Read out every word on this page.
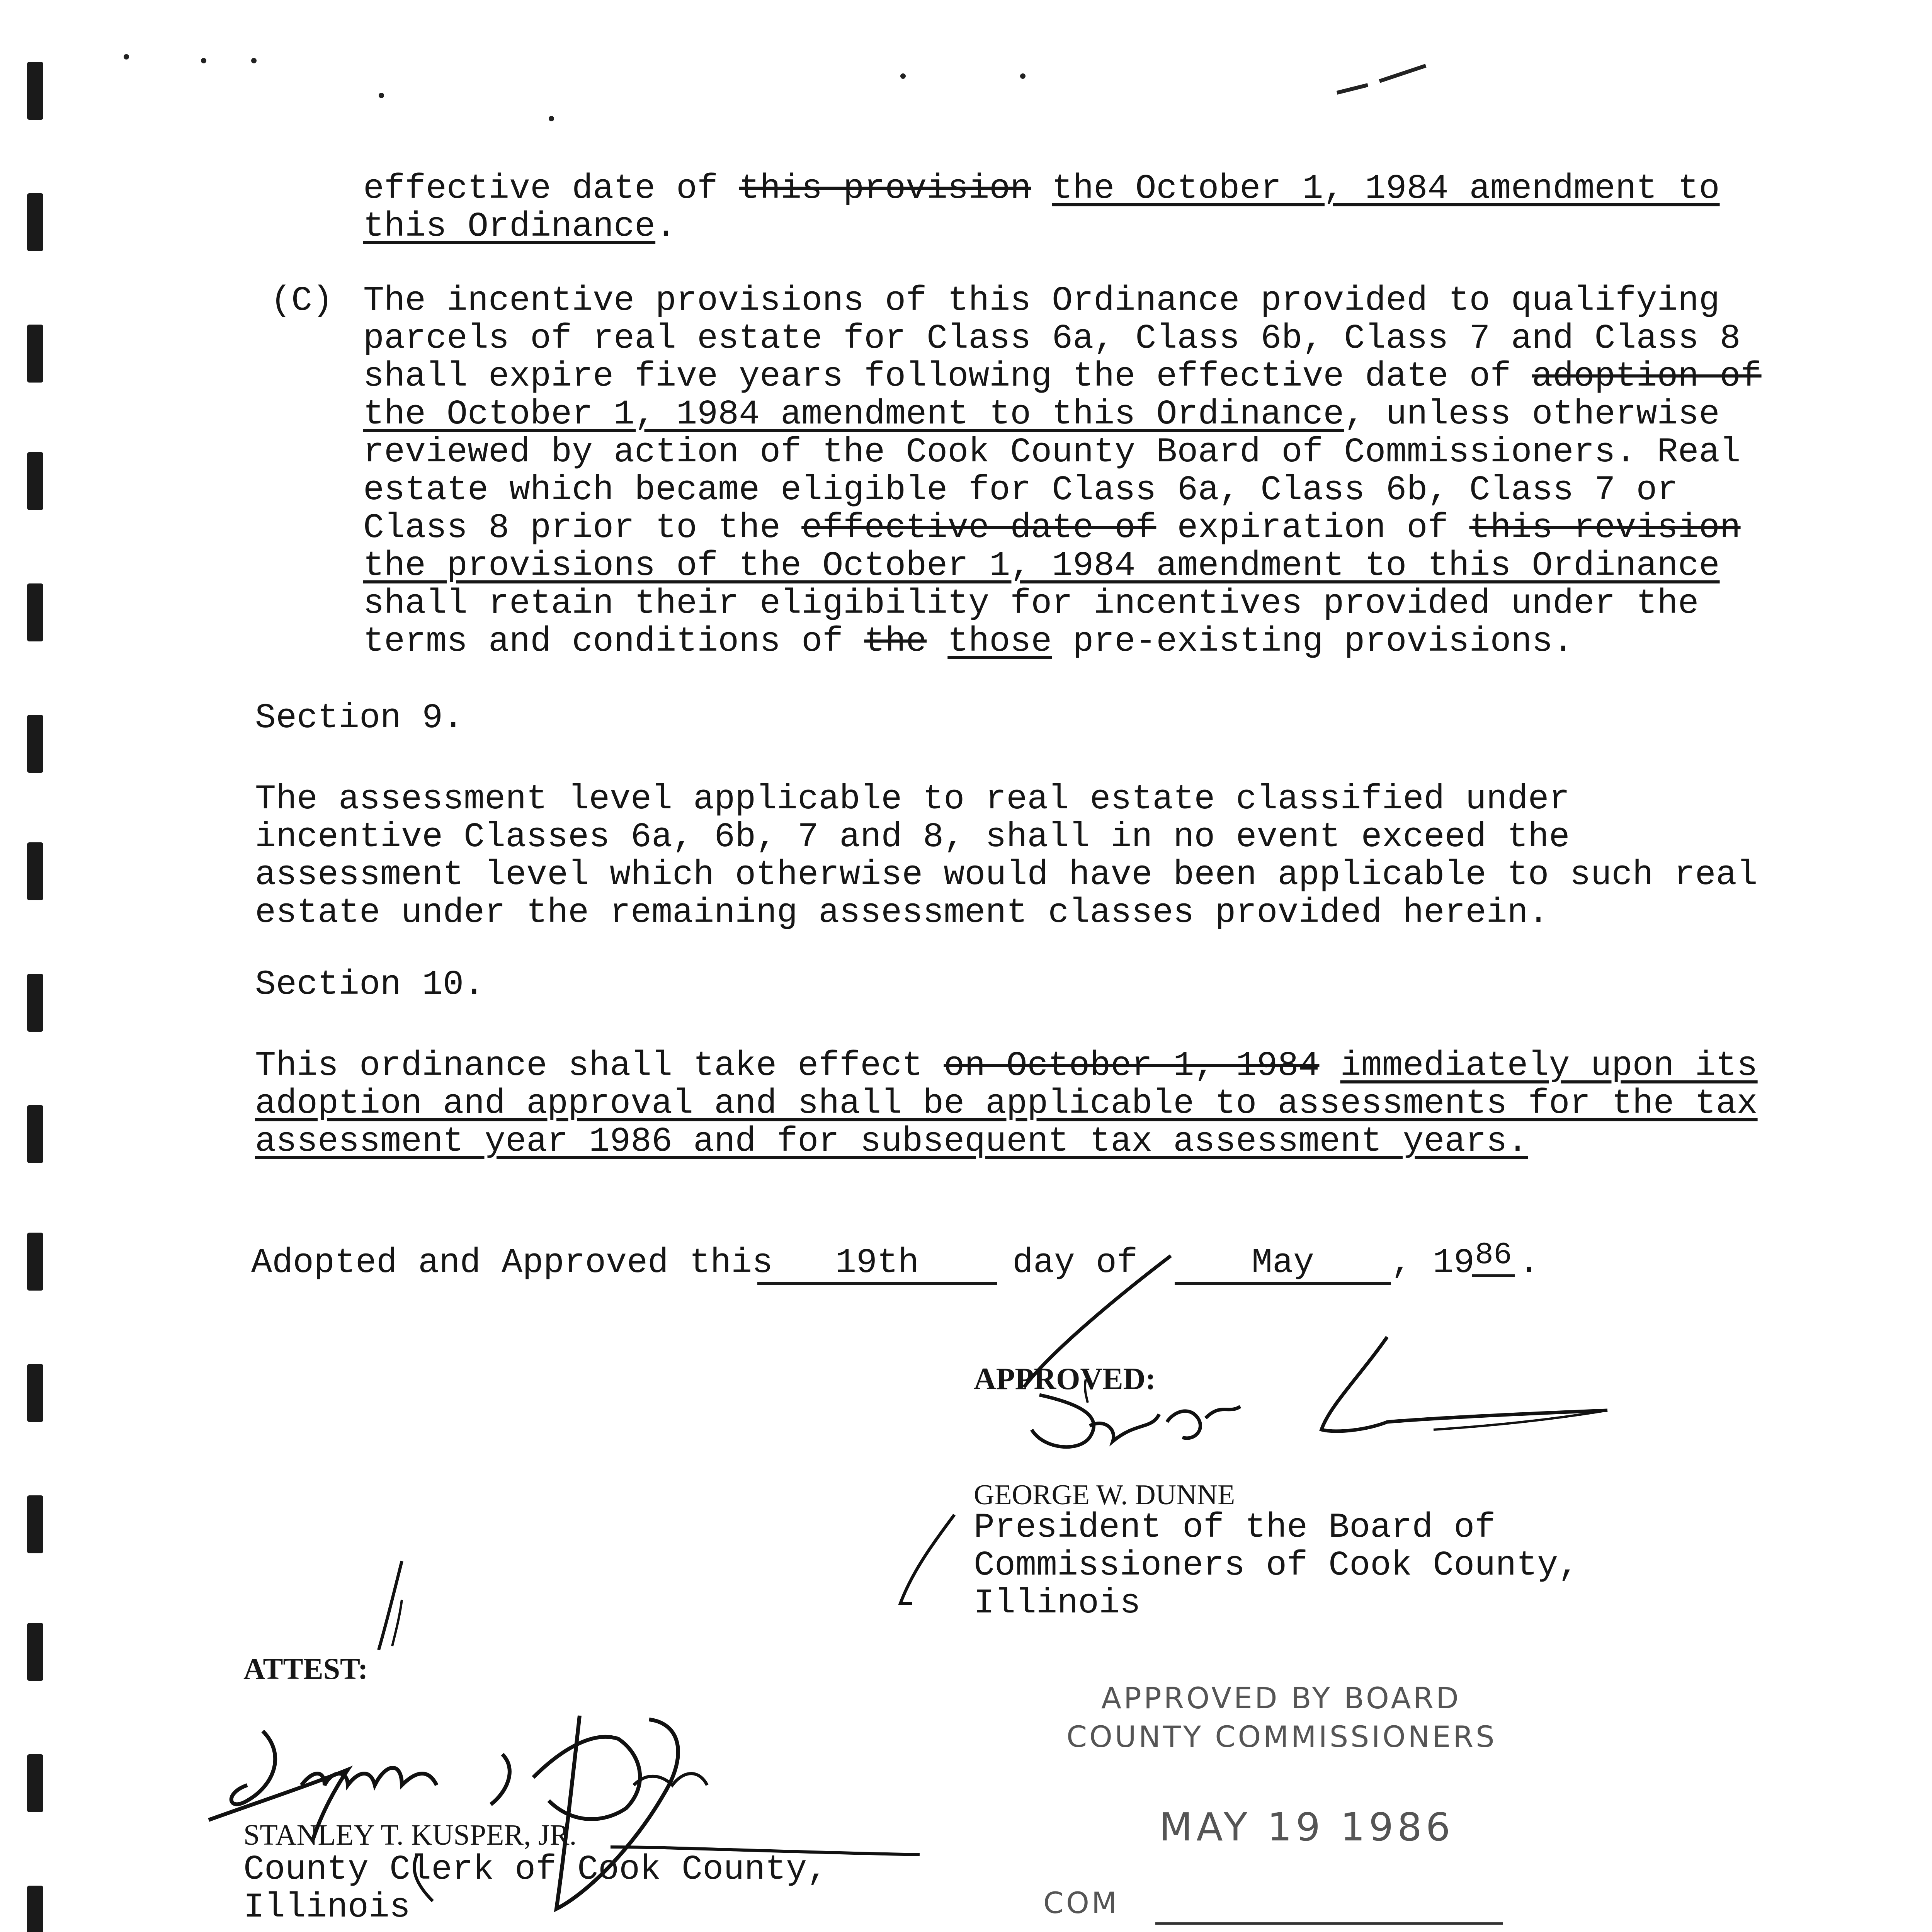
effective date of this-provision the October 1, 1984 amendment to
this Ordinance.
(C) The incentive provisions of this Ordinance provided to qualifying
parcels of real estate for Class 6a, Class 6b, Class 7 and Class 8
shall expire five years following the effective date of adoption of
the October 1, 1984 amendment to this Ordinance, unless otherwise
reviewed by action of the Cook County Board of Commissioners. Real
estate which became eligible for Class 6a, Class 6b, Class 7 or
Class 8 prior to the effective date of expiration of this revision
the provisions of the October 1, 1984 amendment to this Ordinance
shall retain their eligibility for incentives provided under the
terms and conditions of the those pre-existing provisions.
Section 9.
The assessment level applicable to real estate classified under
incentive Classes 6a, 6b, 7 and 8, shall in no event exceed the
assessment level which otherwise would have been applicable to such real
estate under the remaining assessment classes provided herein.
Section 10.
This ordinance shall take effect on October 1, 1984 immediately upon its
adoption and approval and shall be applicable to assessments for the tax
assessment year 1986 and for subsequent tax assessment years.
Adopted and Approved this	19th	day of	May	, 19 86 .
APPROVED:
GEORGE W. DUNNE
President of the Board of
Commissioners of Cook County,
Illinois
ATTEST:
STANLEY T. KUSPER, JR.
County Clerk of Cook County,
Illinois
APPROVED BY BOARD
COUNTY COMMISSIONERS
MAY 19 1986
COM
